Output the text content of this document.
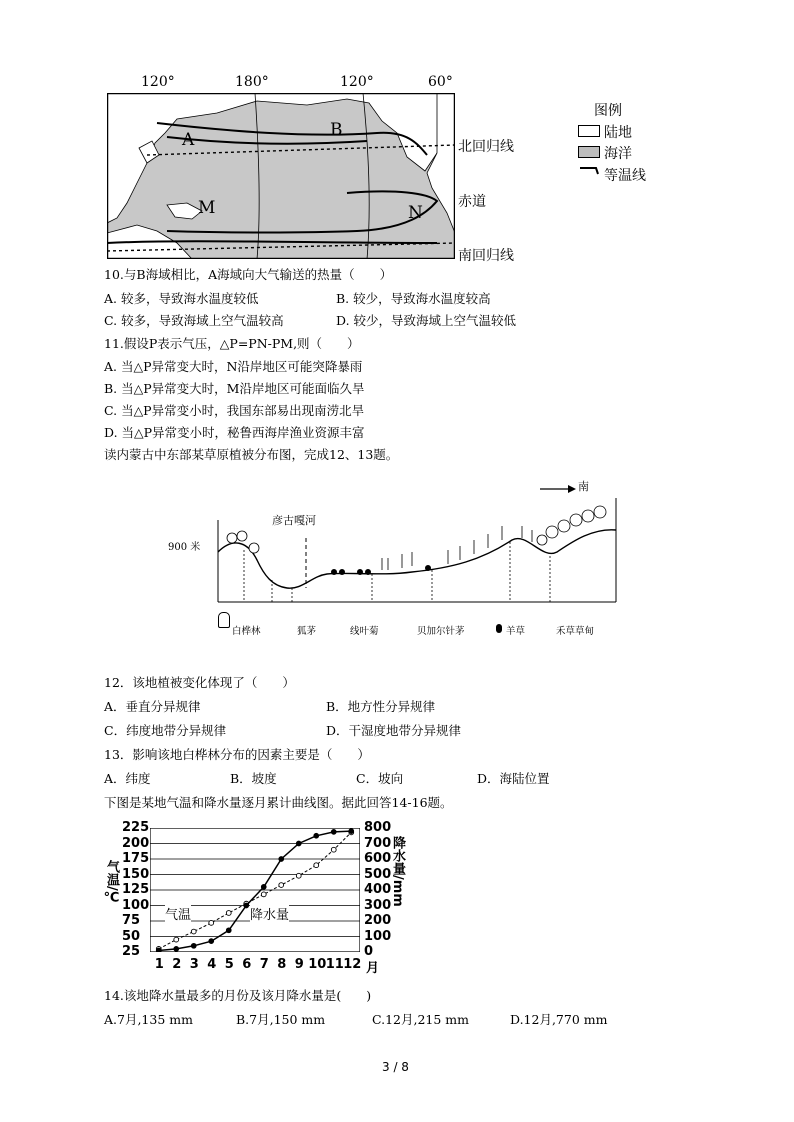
120°	180°	120°	60°
A	B
M	N
北回归线
赤道
南回归线
图例
陆地
海洋
等温线
10.与B海域相比，A海域向大气输送的热量（　　）
A. 较多，导致海水温度较低	B. 较少，导致海水温度较高
C. 较多，导致海域上空气温较高	D. 较少，导致海域上空气温较低
11.假设P表示气压，△P=PN-PM,则（　　）
A. 当△P异常变大时，N沿岸地区可能突降暴雨
B. 当△P异常变大时，M沿岸地区可能面临久旱
C. 当△P异常变小时，我国东部易出现南涝北旱
D. 当△P异常变小时，秘鲁西海岸渔业资源丰富
读内蒙古中东部某草原植被分布图，完成12、13题。
南
彦古嘎河
900 米
白桦林	狐茅	线叶菊	贝加尔针茅	羊草	禾草草甸
12．该地植被变化体现了（　　）
A．垂直分异规律	B．地方性分异规律
C．纬度地带分异规律	D．干湿度地带分异规律
13．影响该地白桦林分布的因素主要是（　　）
A．纬度	B．坡度	C．坡向	D．海陆位置
下图是某地气温和降水量逐月累计曲线图。据此回答14-16题。
气温/℃	降水量/mm
225
200
175
150
125
100
75
50
25
800
700
600
500
400
300
200
100
0
1 2 3 4 5 6 7 8 9 10 11 12 月
气温	降水量
14.该地降水量最多的月份及该月降水量是(　　)
A.7月,135 mm	B.7月,150 mm	C.12月,215 mm	D.12月,770 mm
3 / 8
